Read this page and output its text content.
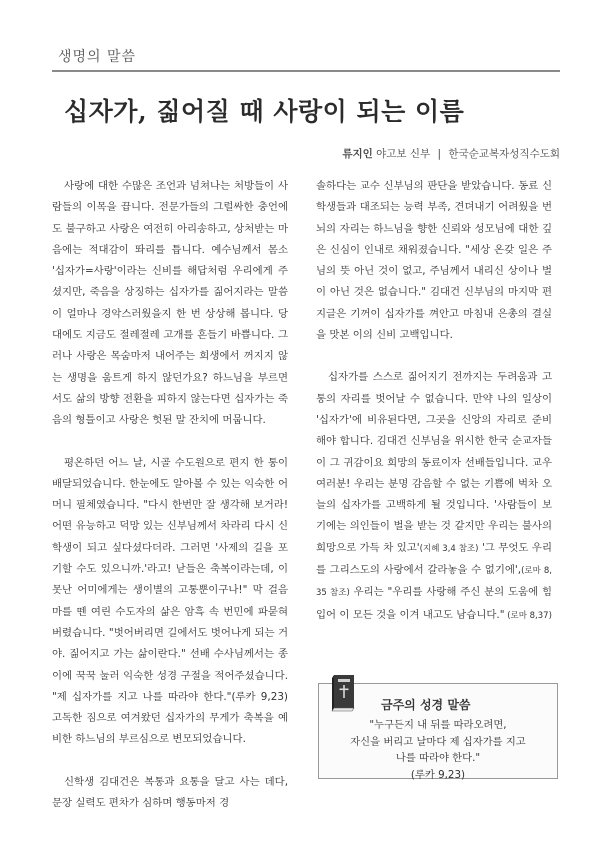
생명의 말씀
십자가, 짊어질 때 사랑이 되는 이름
류지인 야고보 신부 | 한국순교복자성직수도회

사랑에 대한 수많은 조언과 넘쳐나는 처방들이 사람들의 이목을 끕니다. 전문가들의 그럴싸한 충언에도 불구하고 사랑은 여전히 아리송하고, 상처받는 마음에는 적대감이 똬리를 틉니다. 예수님께서 몸소 '십자가=사랑'이라는 신비를 해답처럼 우리에게 주셨지만, 죽음을 상징하는 십자가를 짊어지라는 말씀이 얼마나 경악스러웠을지 한 번 상상해 봅니다. 당대에도 지금도 절레절레 고개를 흔들기 바쁩니다. 그러나 사랑은 목숨마저 내어주는 희생에서 꺼지지 않는 생명을 움트게 하지 않던가요? 하느님을 부르면서도 삶의 방향 전환을 피하지 않는다면 십자가는 죽음의 형틀이고 사랑은 헛된 말 잔치에 머뭅니다.

평온하던 어느 날, 시골 수도원으로 편지 한 통이 배달되었습니다. 한눈에도 알아볼 수 있는 익숙한 어머니 필체였습니다. "다시 한번만 잘 생각해 보거라! 어떤 유능하고 덕망 있는 신부님께서 차라리 다시 신학생이 되고 싶다셨다더라. 그러면 '사제의 길을 포기할 수도 있으니까.'라고! 낟들은 축복이라는데, 이 못난 어미에게는 생이별의 고통뿐이구나!" 막 걸음마를 뗀 여린 수도자의 삶은 암흑 속 번민에 파묻혀버렸습니다. "벗어버리면 길에서도 벗어나게 되는 거야. 짊어지고 가는 삶이란다." 선배 수사님께서는 종이에 꾹꾹 눌러 익숙한 성경 구절을 적어주셨습니다. "제 십자가를 지고 나를 따라야 한다."(루카 9,23) 고독한 짐으로 여겨왔던 십자가의 무게가 축복을 예비한 하느님의 부르심으로 변모되었습니다.

신학생 김대건은 복통과 요통을 달고 사는 데다, 문장 실력도 편차가 심하며 행동마저 경

솔하다는 교수 신부님의 판단을 받았습니다. 동료 신학생들과 대조되는 능력 부족, 견뎌내기 어려웠을 번뇌의 자리는 하느님을 향한 신뢰와 성모님에 대한 깊은 신심이 인내로 채워졌습니다. "세상 온갖 일은 주님의 뜻 아닌 것이 없고, 주님께서 내리신 상이나 벌이 아닌 것은 없습니다." 김대건 신부님의 마지막 편지글은 기꺼이 십자가를 껴안고 마침내 은총의 결실을 맛본 이의 신비 고백입니다.

십자가를 스스로 짊어지기 전까지는 두려움과 고통의 자리를 벗어날 수 없습니다. 만약 나의 일상이 '십자가'에 비유된다면, 그곳을 신앙의 자리로 준비해야 합니다. 김대건 신부님을 위시한 한국 순교자들이 그 귀감이요 희망의 동료이자 선배들입니다. 교우 여러분! 우리는 분명 감음할 수 없는 기쁨에 벅차 오늘의 십자가를 고백하게 될 것입니다. '사람들이 보기에는 의인들이 벌을 받는 것 같지만 우리는 불사의 희망으로 가득 차 있고'(지혜 3,4 참조) '그 무엇도 우리를 그리스도의 사랑에서 갈라놓을 수 없기에',(로마 8,35 참조) 우리는 "우리를 사랑해 주신 분의 도움에 힘입어 이 모든 것을 이겨 내고도 남습니다." (로마 8,37)

금주의 성경 말씀
"누구든지 내 뒤를 따라오려면,
자신을 버리고 날마다 제 십자가를 지고
나를 따라야 한다."
(루카 9,23)
